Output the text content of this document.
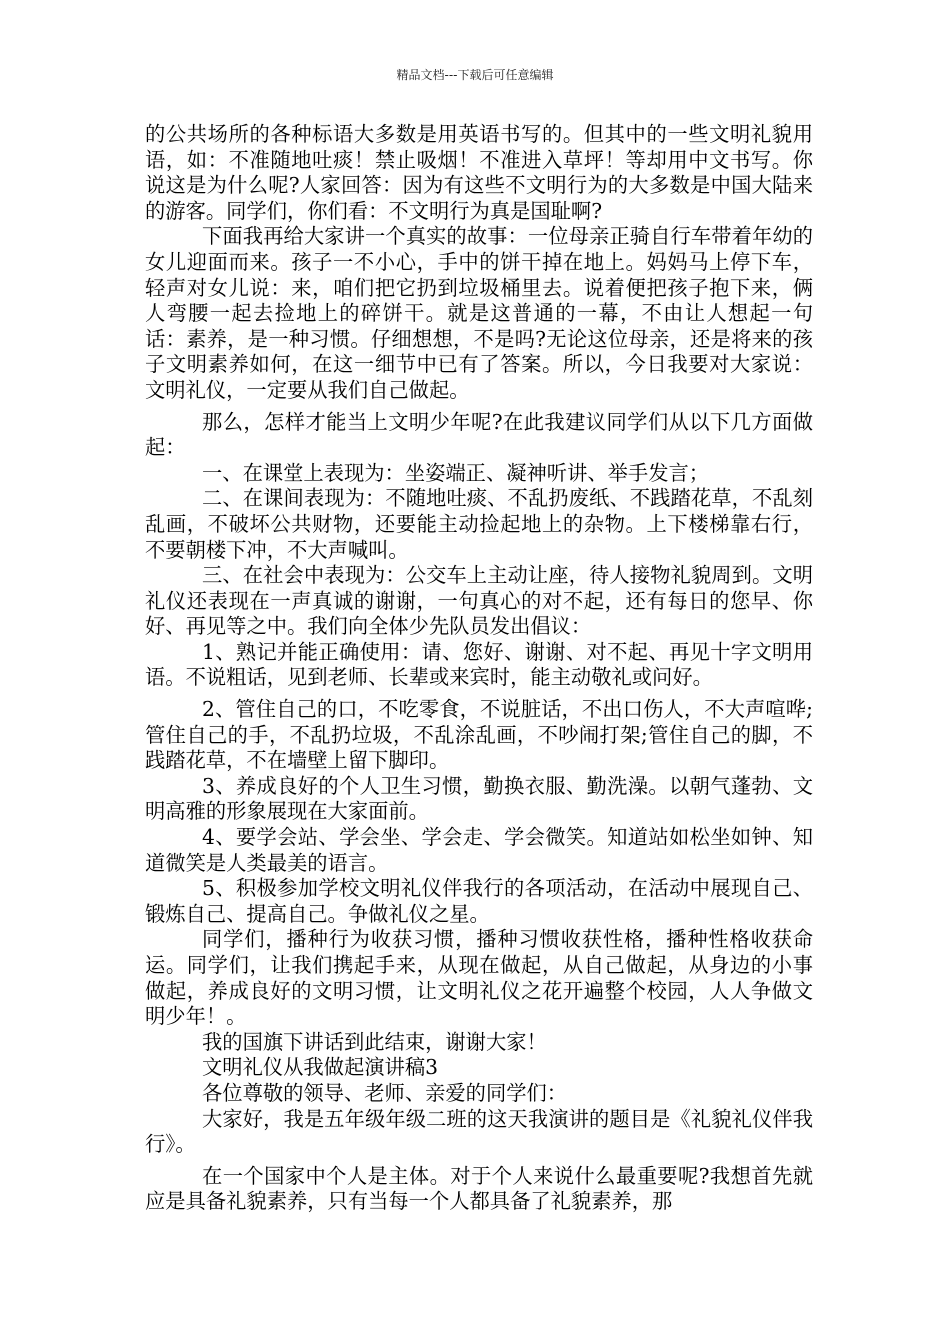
精品文档---下载后可任意编辑

的公共场所的各种标语大多数是用英语书写的。但其中的一些文明礼貌用语，如：不准随地吐痰！禁止吸烟！不准进入草坪！等却用中文书写。你说这是为什么呢?人家回答：因为有这些不文明行为的大多数是中国大陆来的游客。同学们，你们看：不文明行为真是国耻啊?

下面我再给大家讲一个真实的故事：一位母亲正骑自行车带着年幼的女儿迎面而来。孩子一不小心，手中的饼干掉在地上。妈妈马上停下车，轻声对女儿说：来，咱们把它扔到垃圾桶里去。说着便把孩子抱下来，俩人弯腰一起去捡地上的碎饼干。就是这普通的一幕，不由让人想起一句话：素养，是一种习惯。仔细想想，不是吗?无论这位母亲，还是将来的孩子文明素养如何，在这一细节中已有了答案。所以，今日我要对大家说：文明礼仪，一定要从我们自己做起。

那么，怎样才能当上文明少年呢?在此我建议同学们从以下几方面做起：

一、在课堂上表现为：坐姿端正、凝神听讲、举手发言；

二、在课间表现为：不随地吐痰、不乱扔废纸、不践踏花草，不乱刻乱画，不破坏公共财物，还要能主动捡起地上的杂物。上下楼梯靠右行，不要朝楼下冲，不大声喊叫。

三、在社会中表现为：公交车上主动让座，待人接物礼貌周到。文明礼仪还表现在一声真诚的谢谢，一句真心的对不起，还有每日的您早、你好、再见等之中。我们向全体少先队员发出倡议：

1、熟记并能正确使用：请、您好、谢谢、对不起、再见十字文明用语。不说粗话，见到老师、长辈或来宾时，能主动敬礼或问好。

2、管住自己的口，不吃零食，不说脏话，不出口伤人，不大声喧哗;管住自己的手，不乱扔垃圾，不乱涂乱画，不吵闹打架;管住自己的脚，不践踏花草，不在墙壁上留下脚印。

3、养成良好的个人卫生习惯，勤换衣服、勤洗澡。以朝气蓬勃、文明高雅的形象展现在大家面前。

4、要学会站、学会坐、学会走、学会微笑。知道站如松坐如钟、知道微笑是人类最美的语言。

5、积极参加学校文明礼仪伴我行的各项活动，在活动中展现自己、锻炼自己、提高自己。争做礼仪之星。

同学们，播种行为收获习惯，播种习惯收获性格，播种性格收获命运。同学们，让我们携起手来，从现在做起，从自己做起，从身边的小事做起，养成良好的文明习惯，让文明礼仪之花开遍整个校园，人人争做文明少年！。

我的国旗下讲话到此结束，谢谢大家！

文明礼仪从我做起演讲稿3

各位尊敬的领导、老师、亲爱的同学们：

大家好，我是五年级年级二班的这天我演讲的题目是《礼貌礼仪伴我行》。

在一个国家中个人是主体。对于个人来说什么最重要呢?我想首先就应是具备礼貌素养，只有当每一个人都具备了礼貌素养，那
